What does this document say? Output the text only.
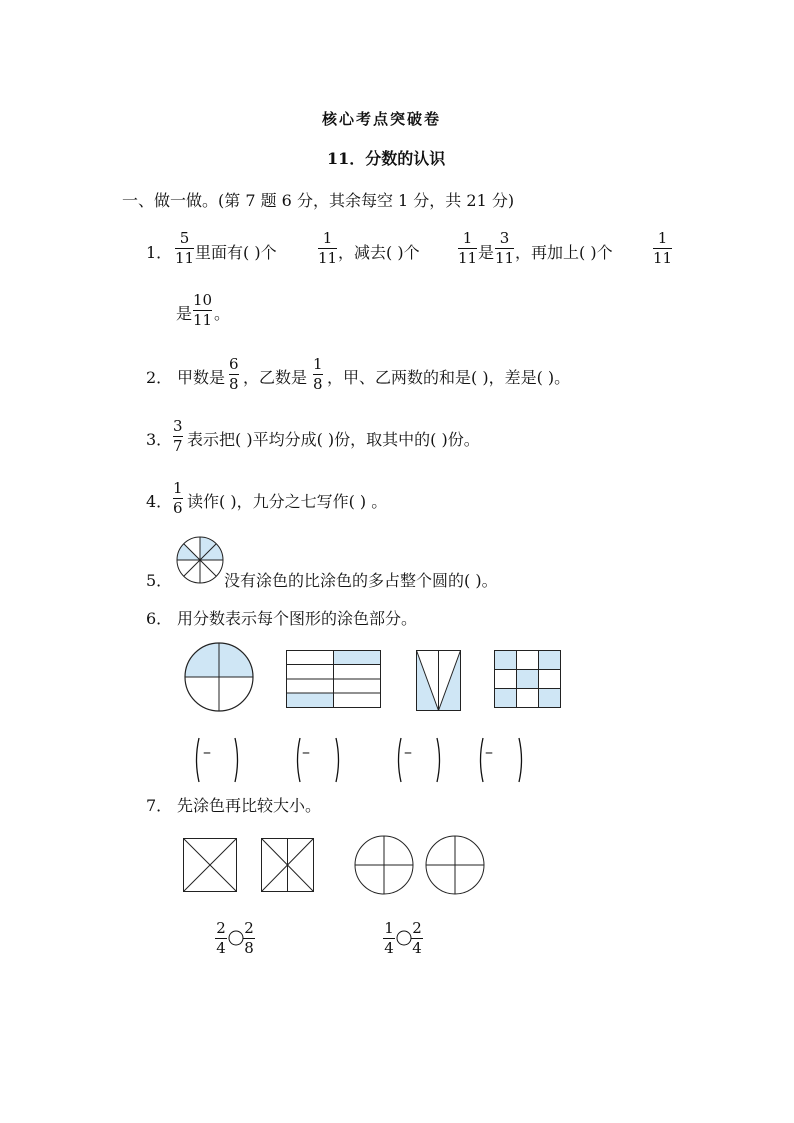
核心考点突破卷
11．分数的认识
一、做一做。(第 7 题 6 分，其余每空 1 分，共 21 分)
1．
5
11 里面有( )个
1
11 ，减去( )个
1
11 是
3
11 ，再加上( )个
1
11
是
10
11 。
2． 甲数是
6
8 ，乙数是
1
8 ，甲、乙两数的和是( )，差是( )。
3．
3
7 表示把( )平均分成( )份，取其中的( )份。
4．
1
6 读作( )，九分之七写作( ) 。
5．	没有涂色的比涂色的多占整个圆的( )。
6． 用分数表示每个图形的涂色部分。
–	–	–	–
7． 先涂色再比较大小。
2
4
2
8
1
4
2
4
